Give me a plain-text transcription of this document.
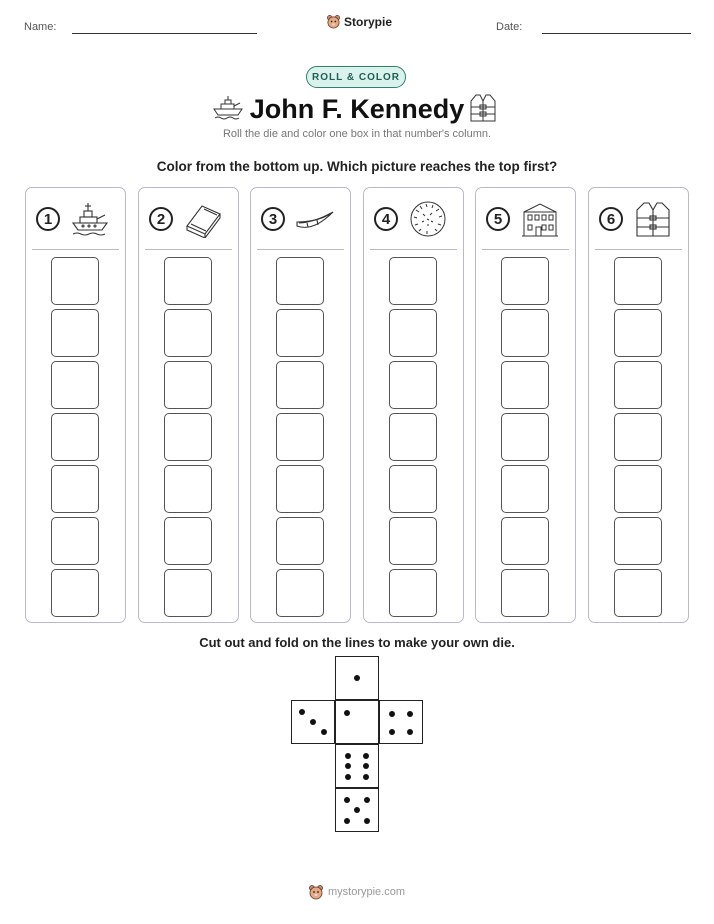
Name:	Storypie	Date:
ROLL & COLOR
John F. Kennedy
Roll the die and color one box in that number's column.
Color from the bottom up. Which picture reaches the top first?
1	2	3	4	5	6
Cut out and fold on the lines to make your own die.
mystorypie.com
